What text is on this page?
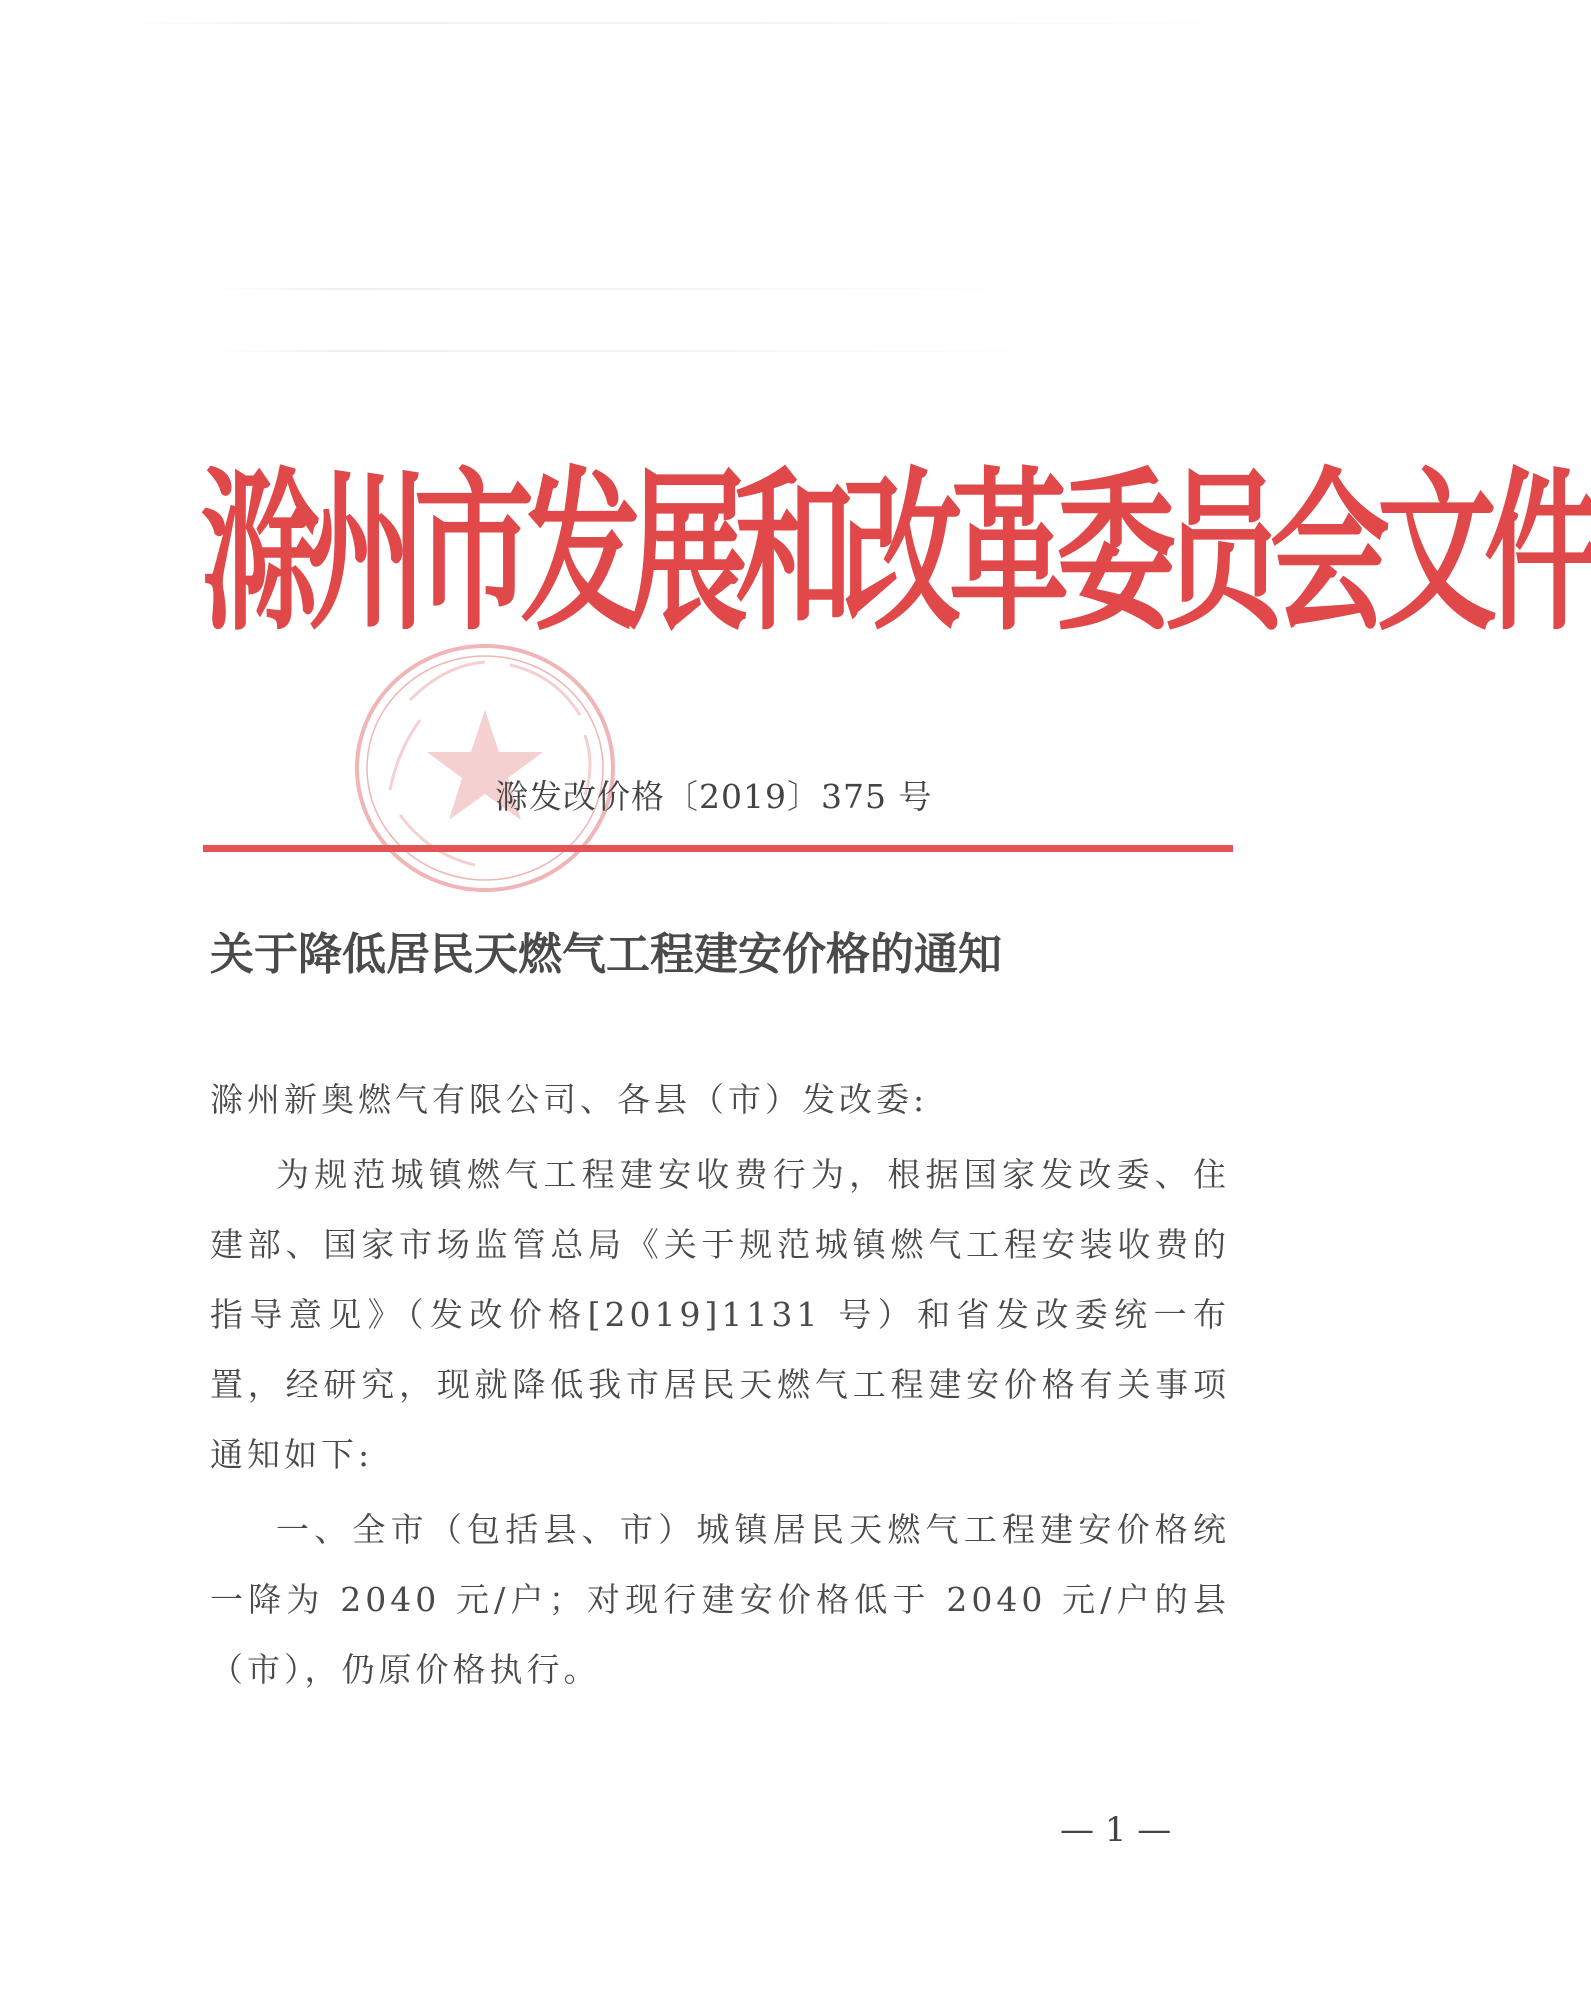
滁州市发展和改革委员会文件
滁发改价格〔2019〕375 号
关于降低居民天燃气工程建安价格的通知
滁州新奥燃气有限公司、各县（市）发改委:
为规范城镇燃气工程建安收费行为，根据国家发改委、住建部、国家市场监管总局《关于规范城镇燃气工程安装收费的指导意见》（发改价格[2019]1131 号）和省发改委统一布置，经研究，现就降低我市居民天燃气工程建安价格有关事项通知如下:
一、全市（包括县、市）城镇居民天燃气工程建安价格统一降为 2040 元/户；对现行建安价格低于 2040 元/户的县（市），仍原价格执行。
— 1 —
